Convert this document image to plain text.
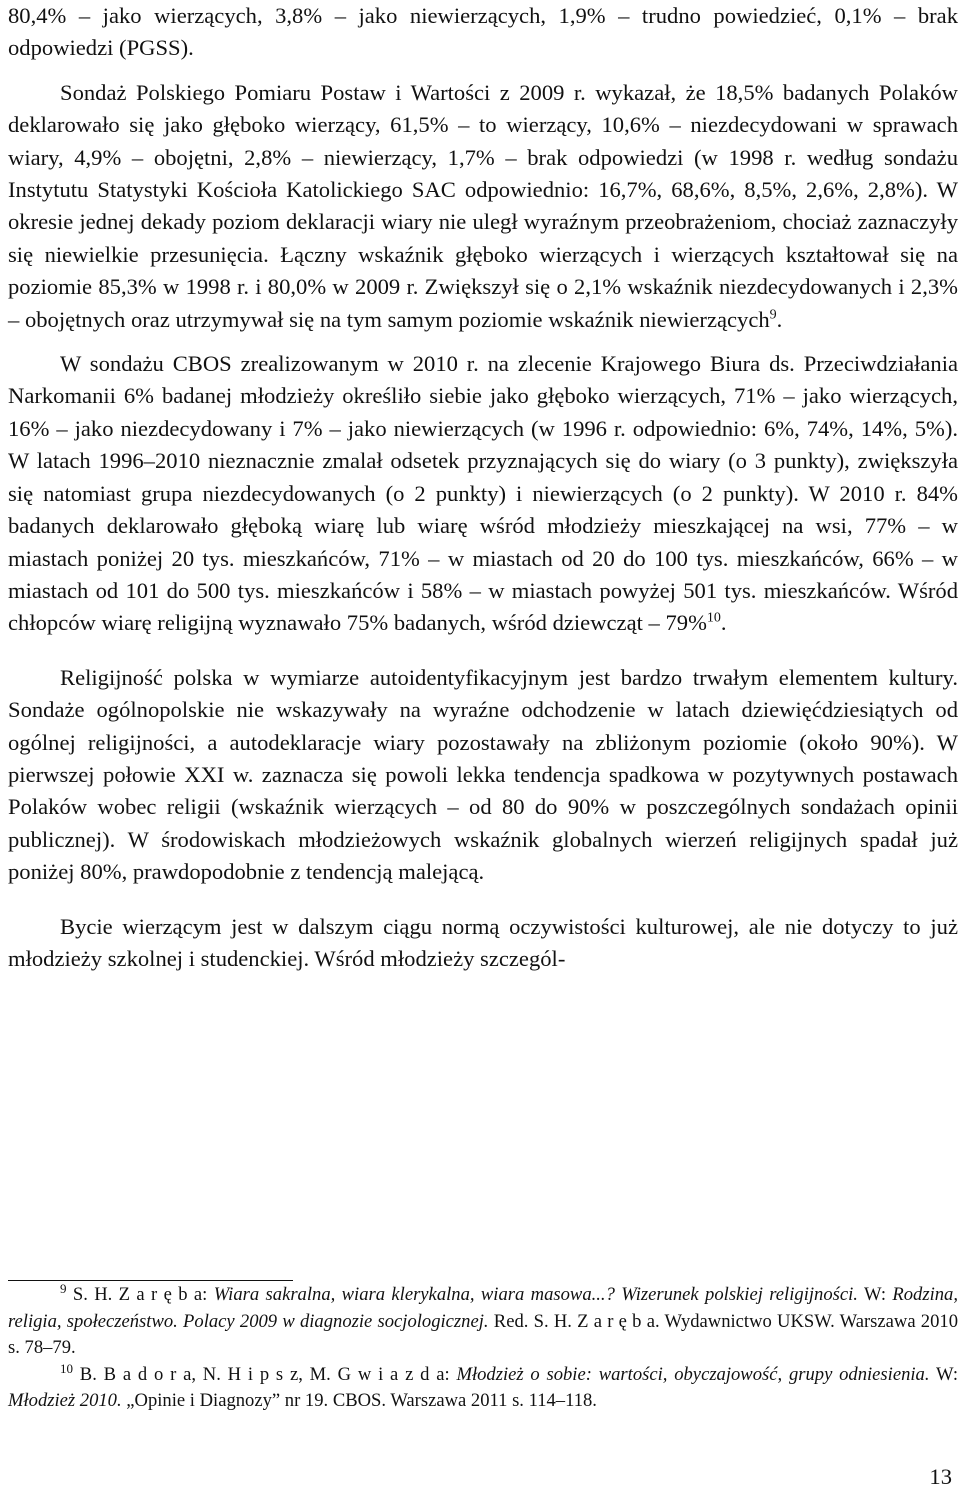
80,4% – jako wierzących, 3,8% – jako niewierzących, 1,9% – trudno powiedzieć, 0,1% – brak odpowiedzi (PGSS).

Sondaż Polskiego Pomiaru Postaw i Wartości z 2009 r. wykazał, że 18,5% badanych Polaków deklarowało się jako głęboko wierzący, 61,5% – to wierzący, 10,6% – niezdecydowani w sprawach wiary, 4,9% – obojętni, 2,8% – niewierzący, 1,7% – brak odpowiedzi (w 1998 r. według sondażu Instytutu Statystyki Kościoła Katolickiego SAC odpowiednio: 16,7%, 68,6%, 8,5%, 2,6%, 2,8%). W okresie jednej dekady poziom deklaracji wiary nie uległ wyraźnym przeobrażeniom, chociaż zaznaczyły się niewielkie przesunięcia. Łączny wskaźnik głęboko wierzących i wierzących kształtował się na poziomie 85,3% w 1998 r. i 80,0% w 2009 r. Zwiększył się o 2,1% wskaźnik niezdecydowanych i 2,3% – obojętnych oraz utrzymywał się na tym samym poziomie wskaźnik niewierzących$^9$.

W sondażu CBOS zrealizowanym w 2010 r. na zlecenie Krajowego Biura ds. Przeciwdziałania Narkomanii 6% badanej młodzieży określiło siebie jako głęboko wierzących, 71% – jako wierzących, 16% – jako niezdecydowany i 7% – jako niewierzących (w 1996 r. odpowiednio: 6%, 74%, 14%, 5%). W latach 1996–2010 nieznacznie zmalał odsetek przyznających się do wiary (o 3 punkty), zwiększyła się natomiast grupa niezdecydowanych (o 2 punkty) i niewierzących (o 2 punkty). W 2010 r. 84% badanych deklarowało głęboką wiarę lub wiarę wśród młodzieży mieszkającej na wsi, 77% – w miastach poniżej 20 tys. mieszkańców, 71% – w miastach od 20 do 100 tys. mieszkańców, 66% – w miastach od 101 do 500 tys. mieszkańców i 58% – w miastach powyżej 501 tys. mieszkańców. Wśród chłopców wiarę religijną wyznawało 75% badanych, wśród dziewcząt – 79%$^{10}$.

Religijność polska w wymiarze autoidentyfikacyjnym jest bardzo trwałym elementem kultury. Sondaże ogólnopolskie nie wskazywały na wyraźne odchodzenie w latach dziewięćdziesiątych od ogólnej religijności, a autodeklaracje wiary pozostawały na zbliżonym poziomie (około 90%). W pierwszej połowie XXI w. zaznacza się powoli lekka tendencja spadkowa w pozytywnych postawach Polaków wobec religii (wskaźnik wierzących – od 80 do 90% w poszczególnych sondażach opinii publicznej). W środowiskach młodzieżowych wskaźnik globalnych wierzeń religijnych spadał już poniżej 80%, prawdopodobnie z tendencją malejącą.

Bycie wierzącym jest w dalszym ciągu normą oczywistości kulturowej, ale nie dotyczy to już młodzieży szkolnej i studenckiej. Wśród młodzieży szczegól-

$^9$ S. H. Z a r ę b a: Wiara sakralna, wiara klerykalna, wiara masowa...? Wizerunek polskiej religijności. W: Rodzina, religia, społeczeństwo. Polacy 2009 w diagnozie socjologicznej. Red. S. H. Z a r ę b a. Wydawnictwo UKSW. Warszawa 2010 s. 78–79.

$^{10}$ B. B a d o r a, N. H i p s z, M. G w i a z d a: Młodzież o sobie: wartości, obyczajowość, grupy odniesienia. W: Młodzież 2010. „Opinie i Diagnozy” nr 19. CBOS. Warszawa 2011 s. 114–118.

13
